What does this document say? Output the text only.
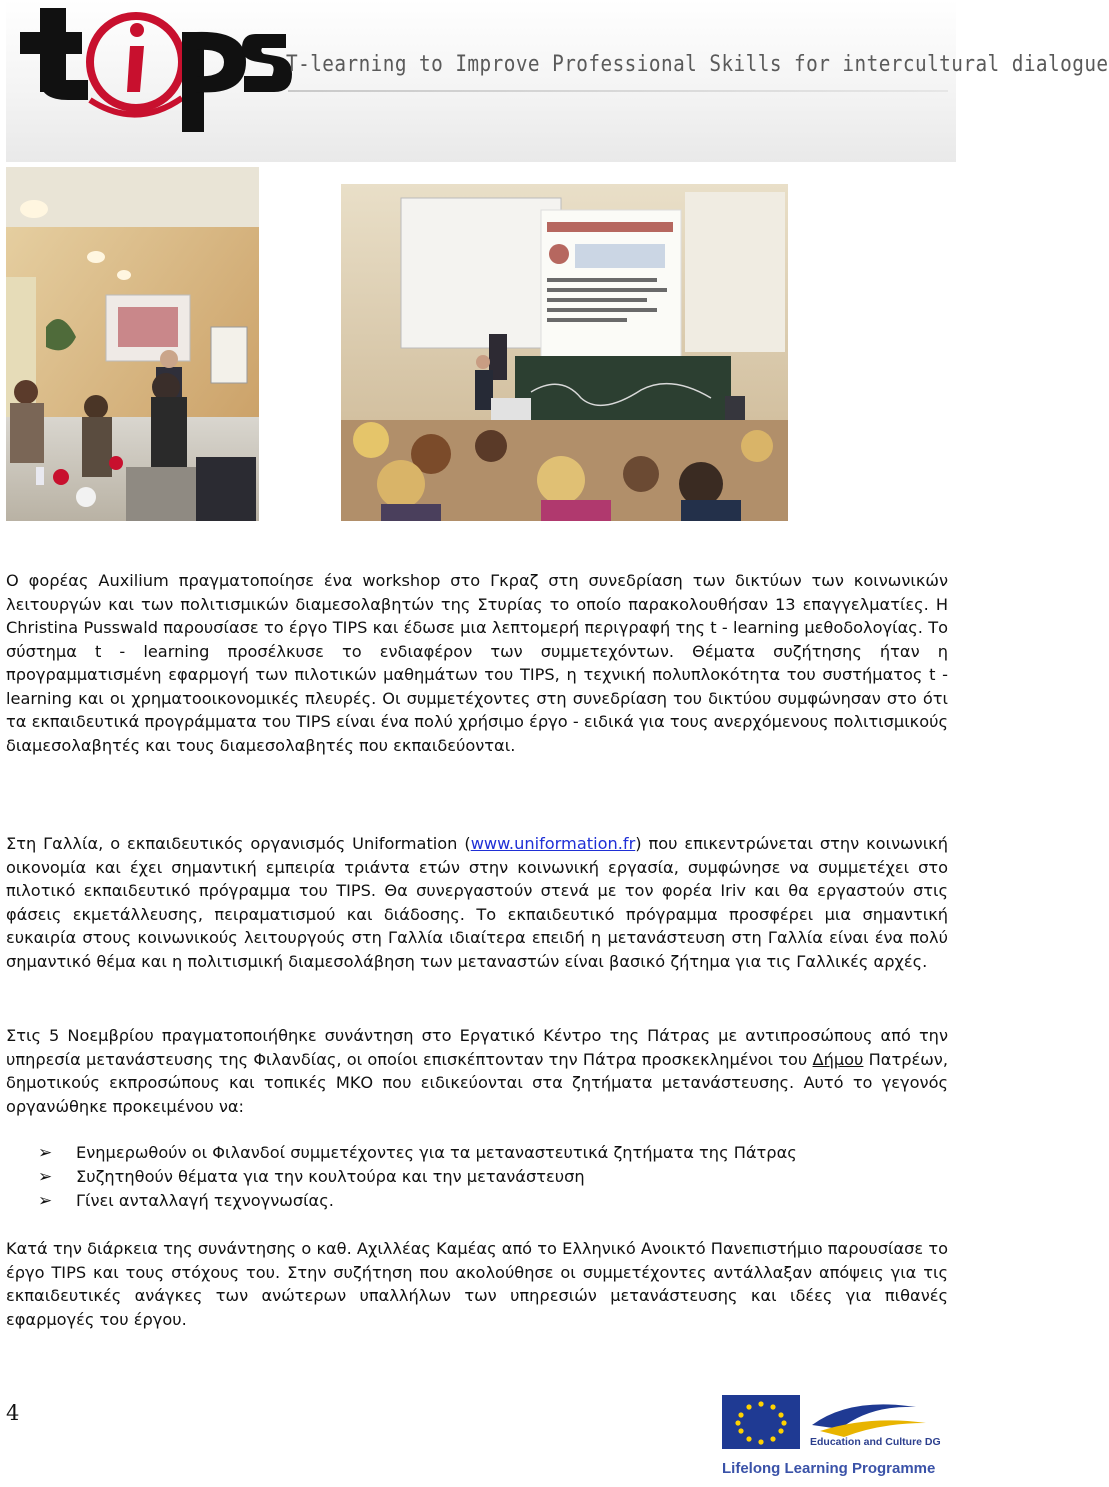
T-learning to Improve Professional Skills for intercultural dialogue

Ο φορέας Auxilium πραγματοποίησε ένα workshop στο Γκραζ στη συνεδρίαση των δικτύων των κοινωνικών λειτουργών και των πολιτισμικών διαμεσολαβητών της Στυρίας το οποίο παρακολουθήσαν 13 επαγγελματίες. Η Christina Pusswald παρουσίασε το έργο TIPS και έδωσε μια λεπτομερή περιγραφή της t - learning μεθοδολογίας. Το σύστημα t - learning προσέλκυσε το ενδιαφέρον των συμμετεχόντων. Θέματα συζήτησης ήταν η προγραμματισμένη εφαρμογή των πιλοτικών μαθημάτων του TIPS, η τεχνική πολυπλοκότητα του συστήματος t - learning και οι χρηματοοικονομικές πλευρές. Οι συμμετέχοντες στη συνεδρίαση του δικτύου συμφώνησαν στο ότι τα εκπαιδευτικά προγράμματα του TIPS είναι ένα πολύ χρήσιμο έργο - ειδικά για τους ανερχόμενους πολιτισμικούς διαμεσολαβητές και τους διαμεσολαβητές που εκπαιδεύονται.

Στη Γαλλία, ο εκπαιδευτικός οργανισμός Uniformation (www.uniformation.fr) που επικεντρώνεται στην κοινωνική οικονομία και έχει σημαντική εμπειρία τριάντα ετών στην κοινωνική εργασία, συμφώνησε να συμμετέχει στο πιλοτικό εκπαιδευτικό πρόγραμμα του TIPS. Θα συνεργαστούν στενά με τον φορέα Iriv και θα εργαστούν στις φάσεις εκμετάλλευσης, πειραματισμού και διάδοσης. Το εκπαιδευτικό πρόγραμμα προσφέρει μια σημαντική ευκαιρία στους κοινωνικούς λειτουργούς στη Γαλλία ιδιαίτερα επειδή η μετανάστευση στη Γαλλία είναι ένα πολύ σημαντικό θέμα και η πολιτισμική διαμεσολάβηση των μεταναστών είναι βασικό ζήτημα για τις Γαλλικές αρχές.

Στις 5 Νοεμβρίου πραγματοποιήθηκε συνάντηση στο Εργατικό Κέντρο της Πάτρας με αντιπροσώπους από την υπηρεσία μετανάστευσης της Φιλανδίας, οι οποίοι επισκέπτονταν την Πάτρα προσκεκλημένοι του Δήμου Πατρέων, δημοτικούς εκπροσώπους και τοπικές ΜΚΟ που ειδικεύονται στα ζητήματα μετανάστευσης. Αυτό το γεγονός οργανώθηκε προκειμένου να:

➢ Ενημερωθούν οι Φιλανδοί συμμετέχοντες για τα μεταναστευτικά ζητήματα της Πάτρας
➢ Συζητηθούν θέματα για την κουλτούρα και την μετανάστευση
➢ Γίνει ανταλλαγή τεχνογνωσίας.

Κατά την διάρκεια της συνάντησης ο καθ. Αχιλλέας Καμέας από το Ελληνικό Ανοικτό Πανεπιστήμιο παρουσίασε το έργο TIPS και τους στόχους του. Στην συζήτηση που ακολούθησε οι συμμετέχοντες αντάλλαξαν απόψεις για τις εκπαιδευτικές ανάγκες των ανώτερων υπαλλήλων των υπηρεσιών μετανάστευσης και ιδέες για πιθανές εφαρμογές του έργου.

4
Education and Culture DG
Lifelong Learning Programme
